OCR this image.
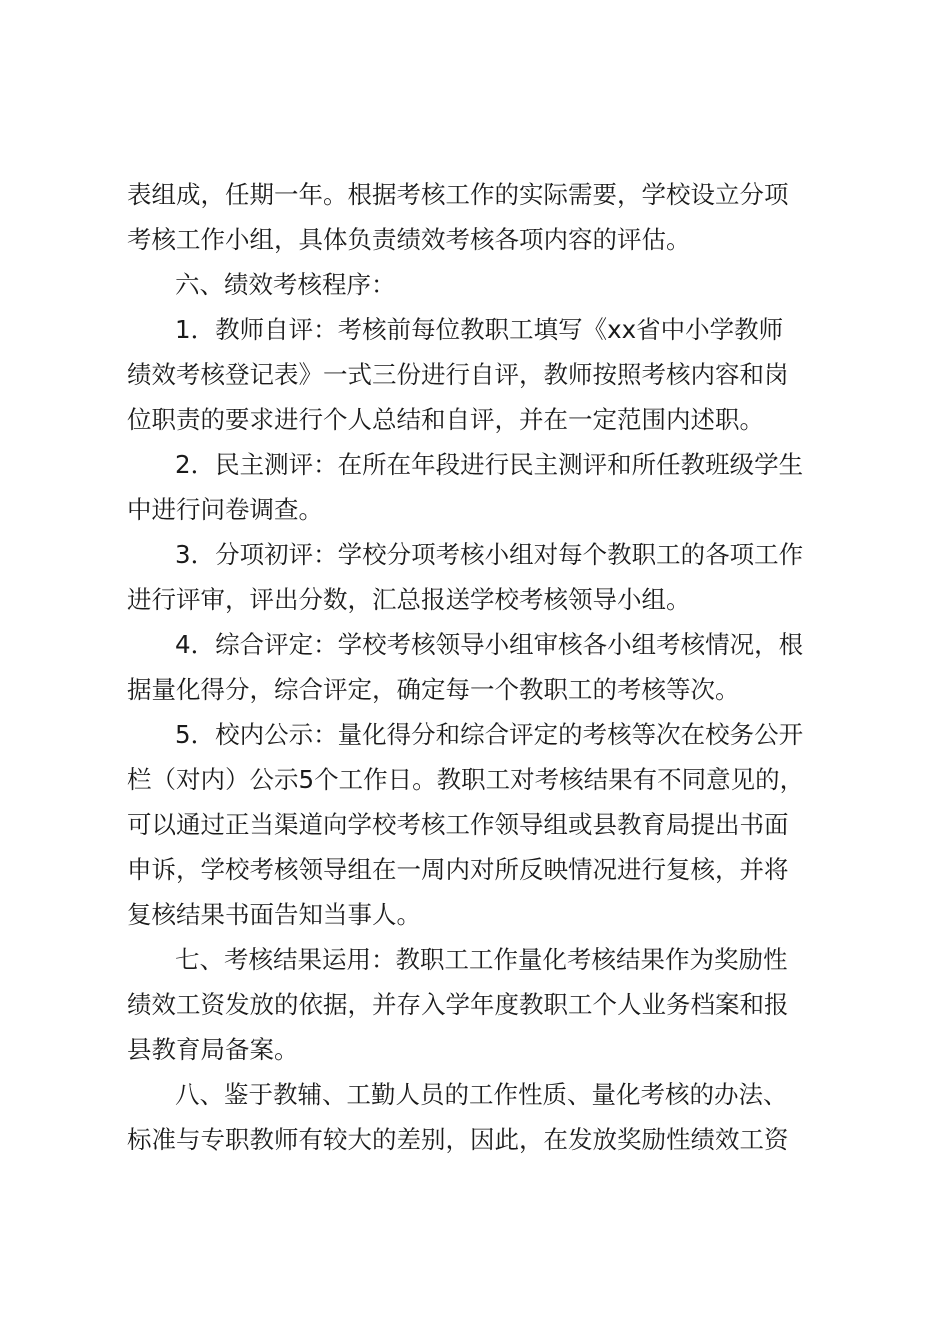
表组成，任期一年。根据考核工作的实际需要，学校设立分项
考核工作小组，具体负责绩效考核各项内容的评估。
六、绩效考核程序：
1．教师自评：考核前每位教职工填写《xx省中小学教师
绩效考核登记表》一式三份进行自评，教师按照考核内容和岗
位职责的要求进行个人总结和自评，并在一定范围内述职。
2．民主测评：在所在年段进行民主测评和所任教班级学生
中进行问卷调查。
3．分项初评：学校分项考核小组对每个教职工的各项工作
进行评审，评出分数，汇总报送学校考核领导小组。
4．综合评定：学校考核领导小组审核各小组考核情况，根
据量化得分，综合评定，确定每一个教职工的考核等次。
5．校内公示：量化得分和综合评定的考核等次在校务公开
栏（对内）公示5个工作日。教职工对考核结果有不同意见的，
可以通过正当渠道向学校考核工作领导组或县教育局提出书面
申诉，学校考核领导组在一周内对所反映情况进行复核，并将
复核结果书面告知当事人。
七、考核结果运用：教职工工作量化考核结果作为奖励性
绩效工资发放的依据，并存入学年度教职工个人业务档案和报
县教育局备案。
八、鉴于教辅、工勤人员的工作性质、量化考核的办法、
标准与专职教师有较大的差别，因此，在发放奖励性绩效工资
